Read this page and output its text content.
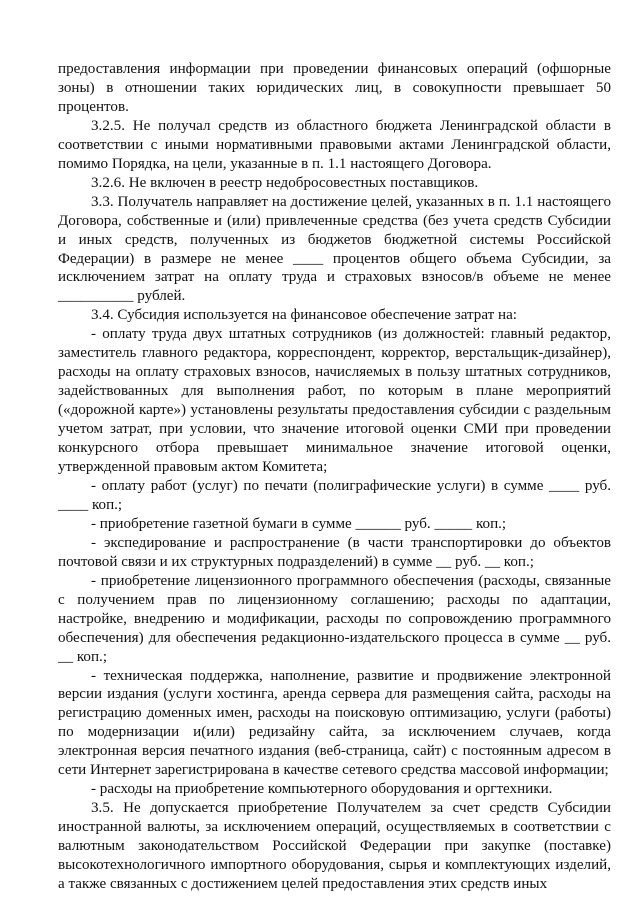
предоставления информации при проведении финансовых операций (офшорные зоны) в отношении таких юридических лиц, в совокупности превышает 50 процентов.

3.2.5. Не получал средств из областного бюджета Ленинградской области в соответствии с иными нормативными правовыми актами Ленинградской области, помимо Порядка, на цели, указанные в п. 1.1 настоящего Договора.

3.2.6. Не включен в реестр недобросовестных поставщиков.

3.3. Получатель направляет на достижение целей, указанных в п. 1.1 настоящего Договора, собственные и (или) привлеченные средства (без учета средств Субсидии и иных средств, полученных из бюджетов бюджетной системы Российской Федерации) в размере не менее ____ процентов общего объема Субсидии, за исключением затрат на оплату труда и страховых взносов/в объеме не менее __________ рублей.

3.4. Субсидия используется на финансовое обеспечение затрат на:

- оплату труда двух штатных сотрудников (из должностей: главный редактор, заместитель главного редактора, корреспондент, корректор, верстальщик-дизайнер), расходы на оплату страховых взносов, начисляемых в пользу штатных сотрудников, задействованных для выполнения работ, по которым в плане мероприятий («дорожной карте») установлены результаты предоставления субсидии с раздельным учетом затрат, при условии, что значение итоговой оценки СМИ при проведении конкурсного отбора превышает минимальное значение итоговой оценки, утвержденной правовым актом Комитета;

- оплату работ (услуг) по печати (полиграфические услуги) в сумме ____ руб. ____ коп.;

- приобретение газетной бумаги в сумме ______ руб. _____ коп.;

- экспедирование и распространение (в части транспортировки до объектов почтовой связи и их структурных подразделений) в сумме __ руб. __ коп.;

- приобретение лицензионного программного обеспечения (расходы, связанные с получением прав по лицензионному соглашению; расходы по адаптации, настройке, внедрению и модификации, расходы по сопровождению программного обеспечения) для обеспечения редакционно-издательского процесса в сумме __ руб. __ коп.;

- техническая поддержка, наполнение, развитие и продвижение электронной версии издания (услуги хостинга, аренда сервера для размещения сайта, расходы на регистрацию доменных имен, расходы на поисковую оптимизацию, услуги (работы) по модернизации и(или) редизайну сайта, за исключением случаев, когда электронная версия печатного издания (веб-страница, сайт) с постоянным адресом в сети Интернет зарегистрирована в качестве сетевого средства массовой информации;

- расходы на приобретение компьютерного оборудования и оргтехники.

3.5. Не допускается приобретение Получателем за счет средств Субсидии иностранной валюты, за исключением операций, осуществляемых в соответствии с валютным законодательством Российской Федерации при закупке (поставке) высокотехнологичного импортного оборудования, сырья и комплектующих изделий, а также связанных с достижением целей предоставления этих средств иных
